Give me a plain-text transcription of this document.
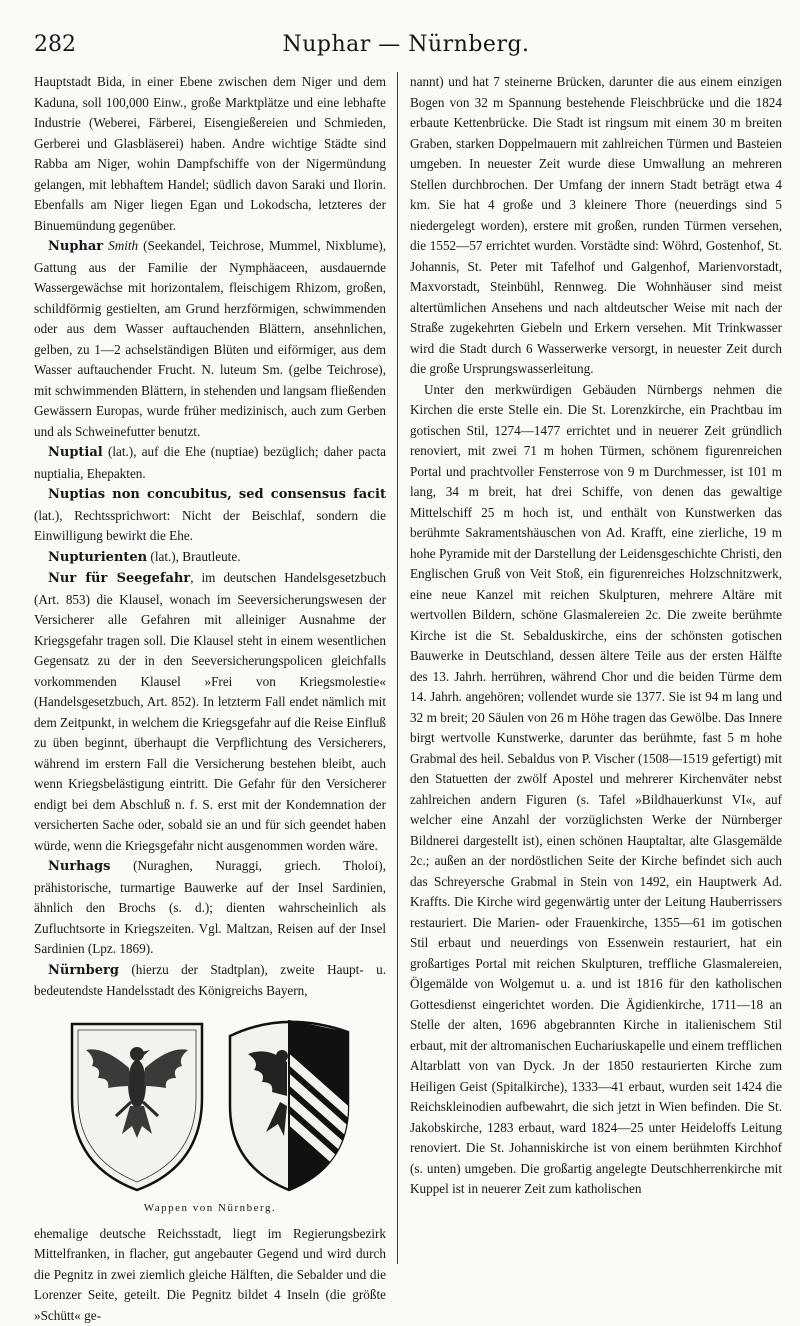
282	Nuphar — Nürnberg.

Hauptstadt Bida, in einer Ebene zwischen dem Niger und dem Kaduna, soll 100,000 Einw., große Marktplätze und eine lebhafte Industrie (Weberei, Färberei, Eisengießereien und Schmieden, Gerberei und Glasbläserei) haben. Andre wichtige Städte sind Rabba am Niger, wohin Dampfschiffe von der Nigermündung gelangen, mit lebhaftem Handel; südlich davon Saraki und Ilorin. Ebenfalls am Niger liegen Egan und Lokodscha, letzteres der Binuemündung gegenüber.

Nuphar Smith (Seekandel, Teichrose, Mummel, Nixblume), Gattung aus der Familie der Nymphäaceen, ausdauernde Wassergewächse mit horizontalem, fleischigem Rhizom, großen, schildförmig gestielten, am Grund herzförmigen, schwimmenden oder aus dem Wasser auftauchenden Blättern, ansehnlichen, gelben, zu 1—2 achselständigen Blüten und eiförmiger, aus dem Wasser auftauchender Frucht. N. luteum Sm. (gelbe Teichrose), mit schwimmenden Blättern, in stehenden und langsam fließenden Gewässern Europas, wurde früher medizinisch, auch zum Gerben und als Schweinefutter benutzt.

Nuptial (lat.), auf die Ehe (nuptiae) bezüglich; daher pacta nuptialia, Ehepakten.

Nuptias non concubitus, sed consensus facit (lat.), Rechtssprichwort: Nicht der Beischlaf, sondern die Einwilligung bewirkt die Ehe.

Nupturienten (lat.), Brautleute.

Nur für Seegefahr, im deutschen Handelsgesetzbuch (Art. 853) die Klausel, wonach im Seeversicherungswesen der Versicherer alle Gefahren mit alleiniger Ausnahme der Kriegsgefahr tragen soll. Die Klausel steht in einem wesentlichen Gegensatz zu der in den Seeversicherungspolicen gleichfalls vorkommenden Klausel »Frei von Kriegsmolestie« (Handelsgesetzbuch, Art. 852). In letzterm Fall endet nämlich mit dem Zeitpunkt, in welchem die Kriegsgefahr auf die Reise Einfluß zu üben beginnt, überhaupt die Verpflichtung des Versicherers, während im erstern Fall die Versicherung bestehen bleibt, auch wenn Kriegsbelästigung eintritt. Die Gefahr für den Versicherer endigt bei dem Abschluß n. f. S. erst mit der Kondemnation der versicherten Sache oder, sobald sie an und für sich geendet haben würde, wenn die Kriegsgefahr nicht ausgenommen worden wäre.

Nurhags (Nuraghen, Nuraggi, griech. Tholoi), prähistorische, turmartige Bauwerke auf der Insel Sardinien, ähnlich den Brochs (s. d.); dienten wahrscheinlich als Zufluchtsorte in Kriegszeiten. Vgl. Maltzan, Reisen auf der Insel Sardinien (Lpz. 1869).

Nürnberg (hierzu der Stadtplan), zweite Haupt- u. bedeutendste Handelsstadt des Königreichs Bayern,

Wappen von Nürnberg.

ehemalige deutsche Reichsstadt, liegt im Regierungsbezirk Mittelfranken, in flacher, gut angebauter Gegend und wird durch die Pegnitz in zwei ziemlich gleiche Hälften, die Sebalder und die Lorenzer Seite, geteilt. Die Pegnitz bildet 4 Inseln (die größte »Schütt« ge-

nannt) und hat 7 steinerne Brücken, darunter die aus einem einzigen Bogen von 32 m Spannung bestehende Fleischbrücke und die 1824 erbaute Kettenbrücke. Die Stadt ist ringsum mit einem 30 m breiten Graben, starken Doppelmauern mit zahlreichen Türmen und Basteien umgeben. In neuester Zeit wurde diese Umwallung an mehreren Stellen durchbrochen. Der Umfang der innern Stadt beträgt etwa 4 km. Sie hat 4 große und 3 kleinere Thore (neuerdings sind 5 niedergelegt worden), erstere mit großen, runden Türmen versehen, die 1552—57 errichtet wurden. Vorstädte sind: Wöhrd, Gostenhof, St. Johannis, St. Peter mit Tafelhof und Galgenhof, Marienvorstadt, Maxvorstadt, Steinbühl, Rennweg. Die Wohnhäuser sind meist altertümlichen Ansehens und nach altdeutscher Weise mit nach der Straße zugekehrten Giebeln und Erkern versehen. Mit Trinkwasser wird die Stadt durch 6 Wasserwerke versorgt, in neuester Zeit durch die große Ursprungswasserleitung.

Unter den merkwürdigen Gebäuden Nürnbergs nehmen die Kirchen die erste Stelle ein. Die St. Lorenzkirche, ein Prachtbau im gotischen Stil, 1274—1477 errichtet und in neuerer Zeit gründlich renoviert, mit zwei 71 m hohen Türmen, schönem figurenreichen Portal und prachtvoller Fensterrose von 9 m Durchmesser, ist 101 m lang, 34 m breit, hat drei Schiffe, von denen das gewaltige Mittelschiff 25 m hoch ist, und enthält von Kunstwerken das berühmte Sakramentshäuschen von Ad. Krafft, eine zierliche, 19 m hohe Pyramide mit der Darstellung der Leidensgeschichte Christi, den Englischen Gruß von Veit Stoß, ein figurenreiches Holzschnitzwerk, eine neue Kanzel mit reichen Skulpturen, mehrere Altäre mit wertvollen Bildern, schöne Glasmalereien 2c. Die zweite berühmte Kirche ist die St. Sebalduskirche, eins der schönsten gotischen Bauwerke in Deutschland, dessen ältere Teile aus der ersten Hälfte des 13. Jahrh. herrühren, während Chor und die beiden Türme dem 14. Jahrh. angehören; vollendet wurde sie 1377. Sie ist 94 m lang und 32 m breit; 20 Säulen von 26 m Höhe tragen das Gewölbe. Das Innere birgt wertvolle Kunstwerke, darunter das berühmte, fast 5 m hohe Grabmal des heil. Sebaldus von P. Vischer (1508—1519 gefertigt) mit den Statuetten der zwölf Apostel und mehrerer Kirchenväter nebst zahlreichen andern Figuren (s. Tafel »Bildhauerkunst VI«, auf welcher eine Anzahl der vorzüglichsten Werke der Nürnberger Bildnerei dargestellt ist), einen schönen Hauptaltar, alte Glasgemälde 2c.; außen an der nordöstlichen Seite der Kirche befindet sich auch das Schreyersche Grabmal in Stein von 1492, ein Hauptwerk Ad. Kraffts. Die Kirche wird gegenwärtig unter der Leitung Hauberrissers restauriert. Die Marien- oder Frauenkirche, 1355—61 im gotischen Stil erbaut und neuerdings von Essenwein restauriert, hat ein großartiges Portal mit reichen Skulpturen, treffliche Glasmalereien, Ölgemälde von Wolgemut u. a. und ist 1816 für den katholischen Gottesdienst eingerichtet worden. Die Ägidienkirche, 1711—18 an Stelle der alten, 1696 abgebrannten Kirche in italienischem Stil erbaut, mit der altromanischen Euchariuskapelle und einem trefflichen Altarblatt von van Dyck. Jn der 1850 restaurierten Kirche zum Heiligen Geist (Spitalkirche), 1333—41 erbaut, wurden seit 1424 die Reichskleinodien aufbewahrt, die sich jetzt in Wien befinden. Die St. Jakobskirche, 1283 erbaut, ward 1824—25 unter Heideloffs Leitung renoviert. Die St. Johanniskirche ist von einem berühmten Kirchhof (s. unten) umgeben. Die großartig angelegte Deutschherrenkirche mit Kuppel ist in neuerer Zeit zum katholischen
